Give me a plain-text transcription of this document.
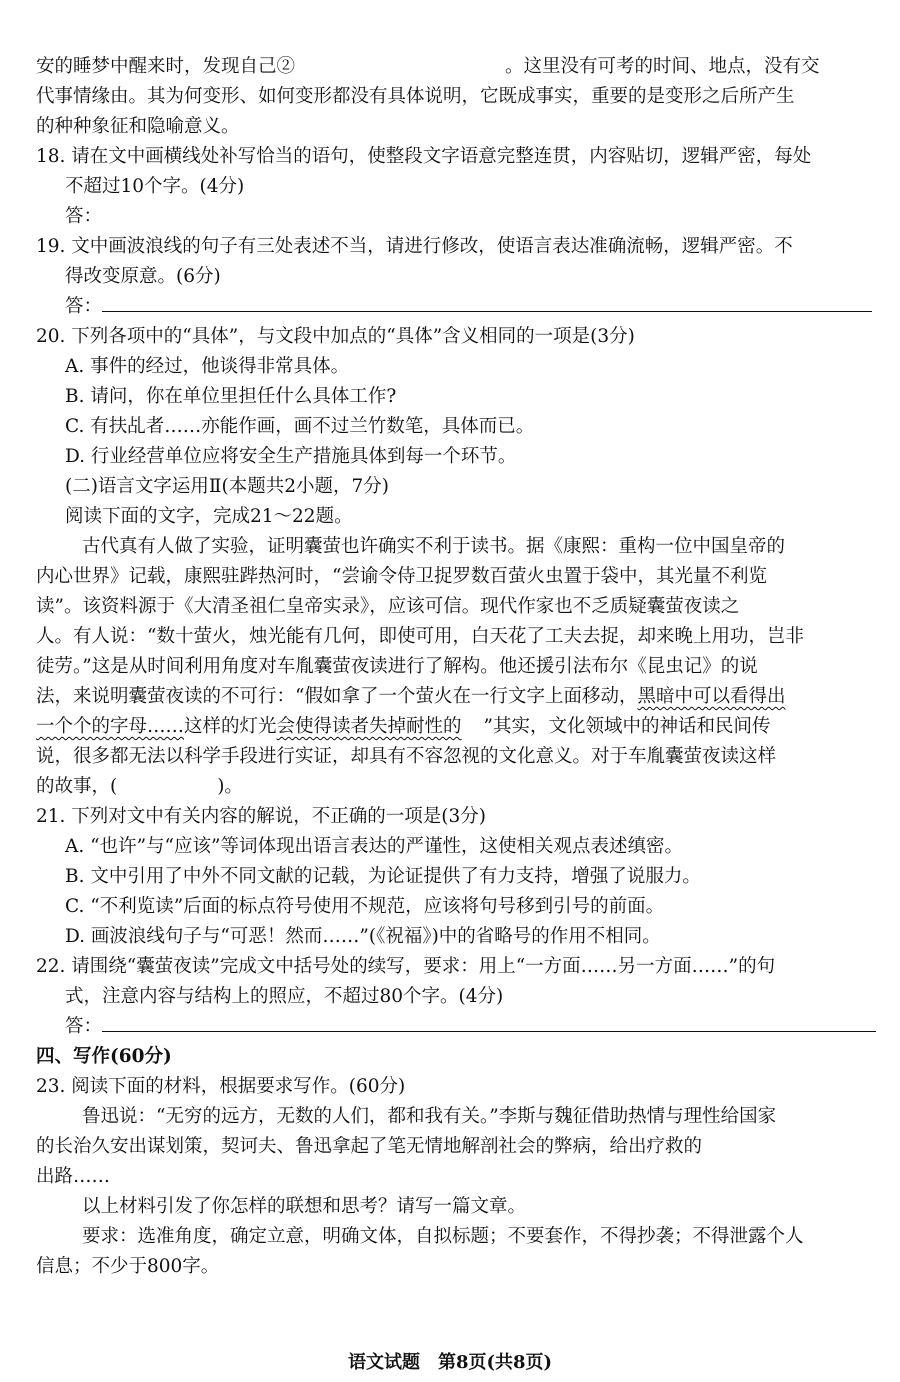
安的睡梦中醒来时，发现自己②	。这里没有可考的时间、地点，没有交
代事情缘由。其为何变形、如何变形都没有具体说明，它既成事实，重要的是变形之后所产生
的种种象征和隐喻意义。
18. 请在文中画横线处补写恰当的语句，使整段文字语意完整连贯，内容贴切，逻辑严密，每处
不超过10个字。(4分)
答：
19. 文中画波浪线的句子有三处表述不当，请进行修改，使语言表达准确流畅，逻辑严密。不
得改变原意。(6分)
答：
20. 下列各项中的“具体”，与文段中加点的“具体”含义相同的一项是(3分)
A. 事件的经过，他谈得非常具体。
B. 请问，你在单位里担任什么具体工作?
C. 有扶乩者……亦能作画，画不过兰竹数笔，具体而已。
D. 行业经营单位应将安全生产措施具体到每一个环节。
(二)语言文字运用Ⅱ(本题共2小题，7分)
阅读下面的文字，完成21～22题。
古代真有人做了实验，证明囊萤也许确实不利于读书。据《康熙：重构一位中国皇帝的
内心世界》记载，康熙驻跸热河时，“尝谕令侍卫捉罗数百萤火虫置于袋中，其光量不利览
读”。该资料源于《大清圣祖仁皇帝实录》，应该可信。现代作家也不乏质疑囊萤夜读之
人。有人说：“数十萤火，烛光能有几何，即使可用，白天花了工夫去捉，却来晚上用功，岂非
徒劳。”这是从时间利用角度对车胤囊萤夜读进行了解构。他还援引法布尔《昆虫记》的说
法，来说明囊萤夜读的不可行：“假如拿了一个萤火在一行文字上面移动，黑暗中可以看得出
一个个的字母……这样的灯光会使得读者失掉耐性的 ”其实，文化领域中的神话和民间传
说，很多都无法以科学手段进行实证，却具有不容忽视的文化意义。对于车胤囊萤夜读这样
的故事，(	)。
21. 下列对文中有关内容的解说，不正确的一项是(3分)
A. “也许”与“应该”等词体现出语言表达的严谨性，这使相关观点表述缜密。
B. 文中引用了中外不同文献的记载，为论证提供了有力支持，增强了说服力。
C. “不利览读”后面的标点符号使用不规范，应该将句号移到引号的前面。
D. 画波浪线句子与“可恶！然而……”(《祝福》)中的省略号的作用不相同。
22. 请围绕“囊萤夜读”完成文中括号处的续写，要求：用上“一方面……另一方面……”的句
式，注意内容与结构上的照应，不超过80个字。(4分)
答：
四、写作(60分)
23. 阅读下面的材料，根据要求写作。(60分)
鲁迅说：“无穷的远方，无数的人们，都和我有关。”李斯与魏征借助热情与理性给国家
的长治久安出谋划策，契诃夫、鲁迅拿起了笔无情地解剖社会的弊病，给出疗救的
出路……
以上材料引发了你怎样的联想和思考？请写一篇文章。
要求：选准角度，确定立意，明确文体，自拟标题；不要套作，不得抄袭；不得泄露个人
信息；不少于800字。
语文试题　第8页(共8页)
